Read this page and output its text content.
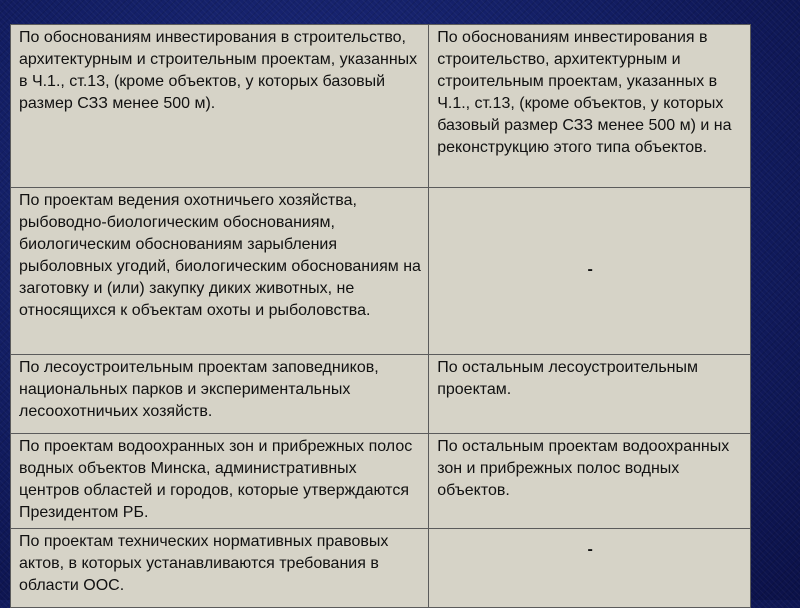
По обоснованиям инвестирования в строительство, архитектурным и строительным проектам, указанных в Ч.1., ст.13, (кроме объектов, у которых базовый размер СЗЗ менее 500 м).	По обоснованиям инвестирования в строительство, архитектурным и строительным проектам, указанных в Ч.1., ст.13, (кроме объектов, у которых базовый размер СЗЗ менее 500 м) и на реконструкцию этого типа объектов.

По проектам ведения охотничьего хозяйства, рыбоводно-биологическим обоснованиям, биологическим обоснованиям зарыбления рыболовных угодий, биологическим обоснованиям на заготовку и (или) закупку диких животных, не относящихся к объектам охоты и рыболовства.	-

По лесоустроительным проектам заповедников, национальных парков и экспериментальных лесоохотничьих хозяйств.	По остальным лесоустроительным проектам.

По проектам водоохранных зон и прибрежных полос водных объектов Минска, административных центров областей и городов, которые утверждаются Президентом РБ.	По остальным проектам водоохранных зон и прибрежных полос водных объектов.

По проектам технических нормативных правовых актов, в которых устанавливаются требования в области ООС.	-
